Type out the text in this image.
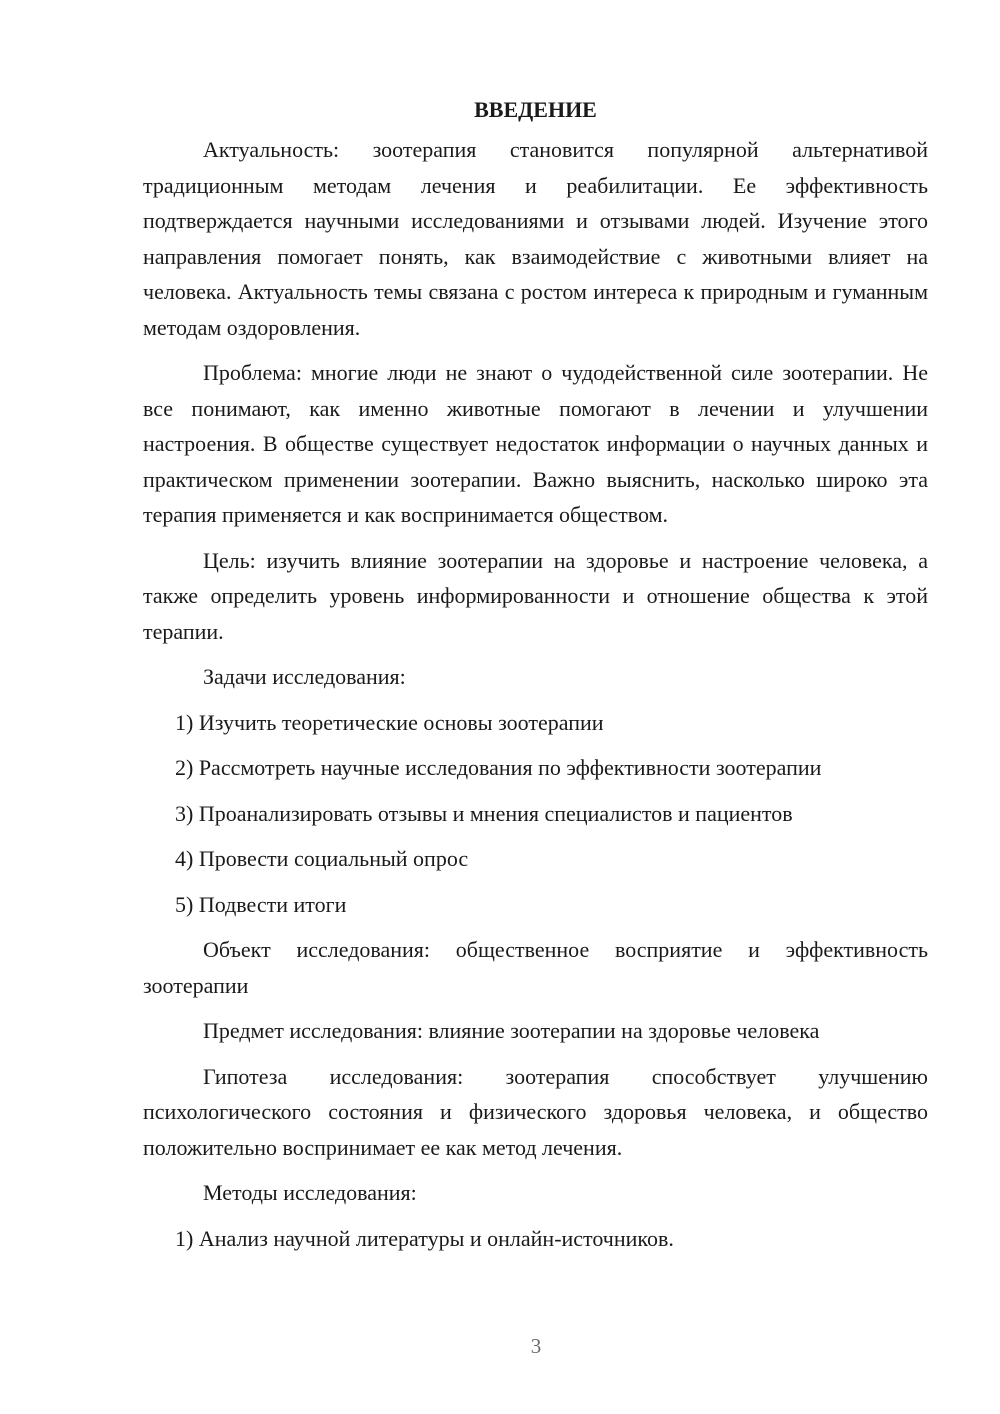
ВВЕДЕНИЕ
Актуальность: зоотерапия становится популярной альтернативой традиционным методам лечения и реабилитации. Ее эффективность подтверждается научными исследованиями и отзывами людей. Изучение этого направления помогает понять, как взаимодействие с животными влияет на человека. Актуальность темы связана с ростом интереса к природным и гуманным методам оздоровления.
Проблема: многие люди не знают о чудодейственной силе зоотерапии. Не все понимают, как именно животные помогают в лечении и улучшении настроения. В обществе существует недостаток информации о научных данных и практическом применении зоотерапии. Важно выяснить, насколько широко эта терапия применяется и как воспринимается обществом.
Цель: изучить влияние зоотерапии на здоровье и настроение человека, а также определить уровень информированности и отношение общества к этой терапии.
Задачи исследования:
1) Изучить теоретические основы зоотерапии
2) Рассмотреть научные исследования по эффективности зоотерапии
3) Проанализировать отзывы и мнения специалистов и пациентов
4) Провести социальный опрос
5) Подвести итоги
Объект исследования: общественное восприятие и эффективность зоотерапии
Предмет исследования: влияние зоотерапии на здоровье человека
Гипотеза исследования: зоотерапия способствует улучшению психологического состояния и физического здоровья человека, и общество положительно воспринимает ее как метод лечения.
Методы исследования:
1) Анализ научной литературы и онлайн-источников.
3
